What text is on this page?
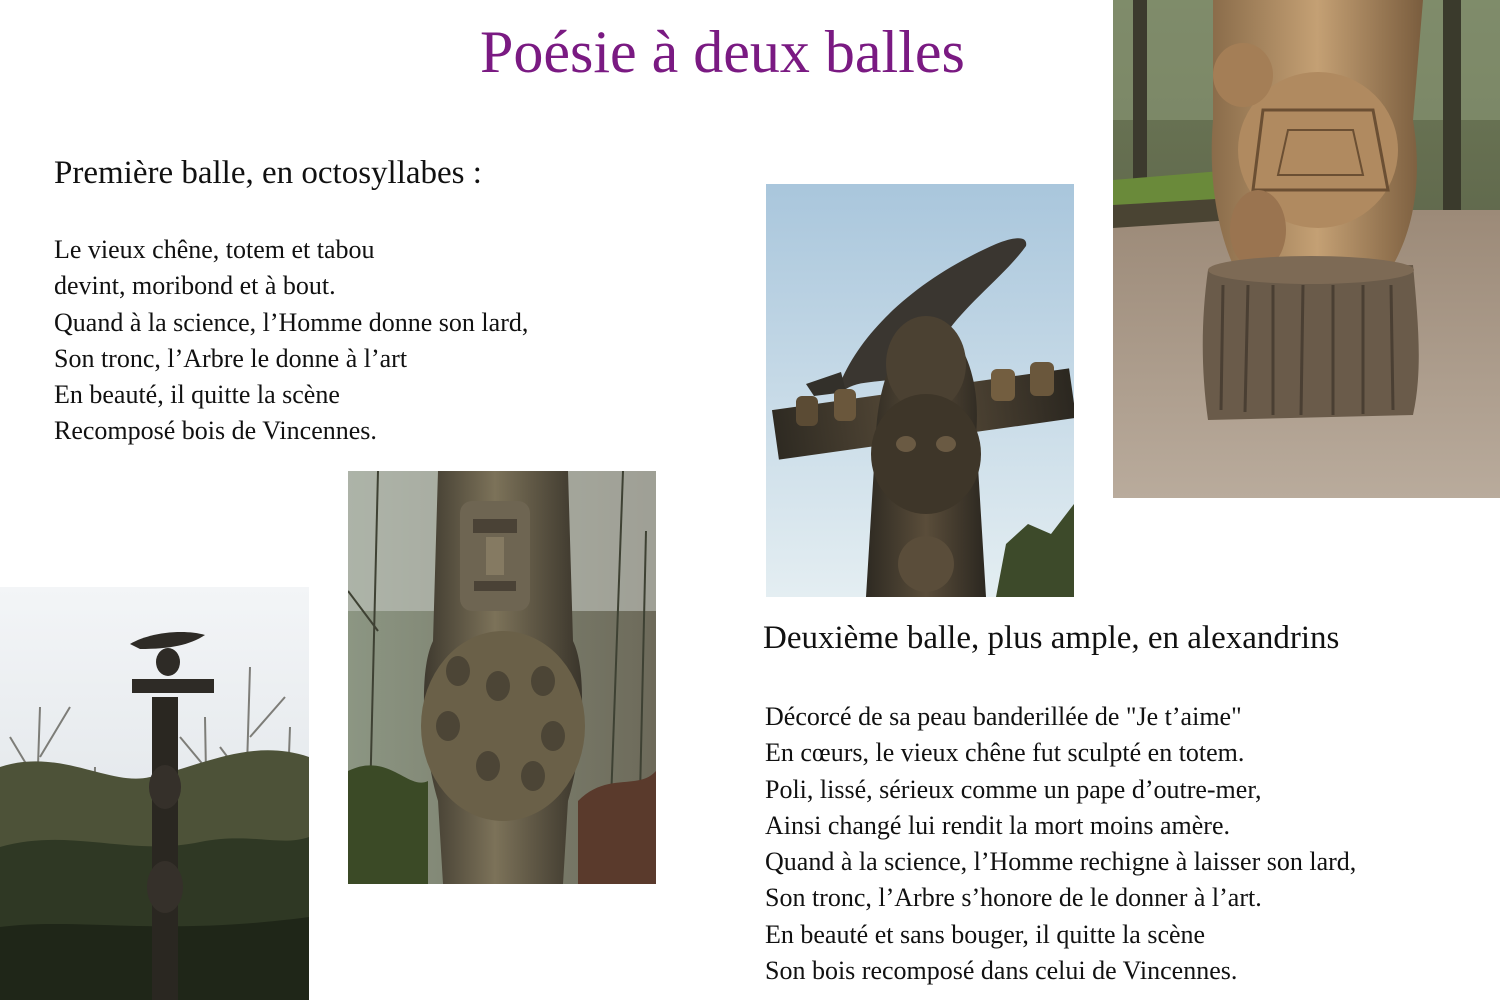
Poésie à deux balles
Première balle, en octosyllabes :
Le vieux chêne, totem et tabou
devint, moribond et à bout.
Quand à la science, l’Homme donne son lard,
Son tronc, l’Arbre le donne à l’art
En beauté, il quitte la scène
Recomposé bois de Vincennes.
Deuxième balle, plus ample, en alexandrins
Décorcé de sa peau banderillée de "Je t’aime"
En cœurs, le vieux chêne fut sculpté en totem.
Poli, lissé, sérieux comme un pape d’outre-mer,
Ainsi changé lui rendit la mort moins amère.
Quand à la science, l’Homme rechigne à laisser son lard,
Son tronc, l’Arbre s’honore de le donner à l’art.
En beauté et sans bouger, il quitte la scène
Son bois recomposé dans celui de Vincennes.
